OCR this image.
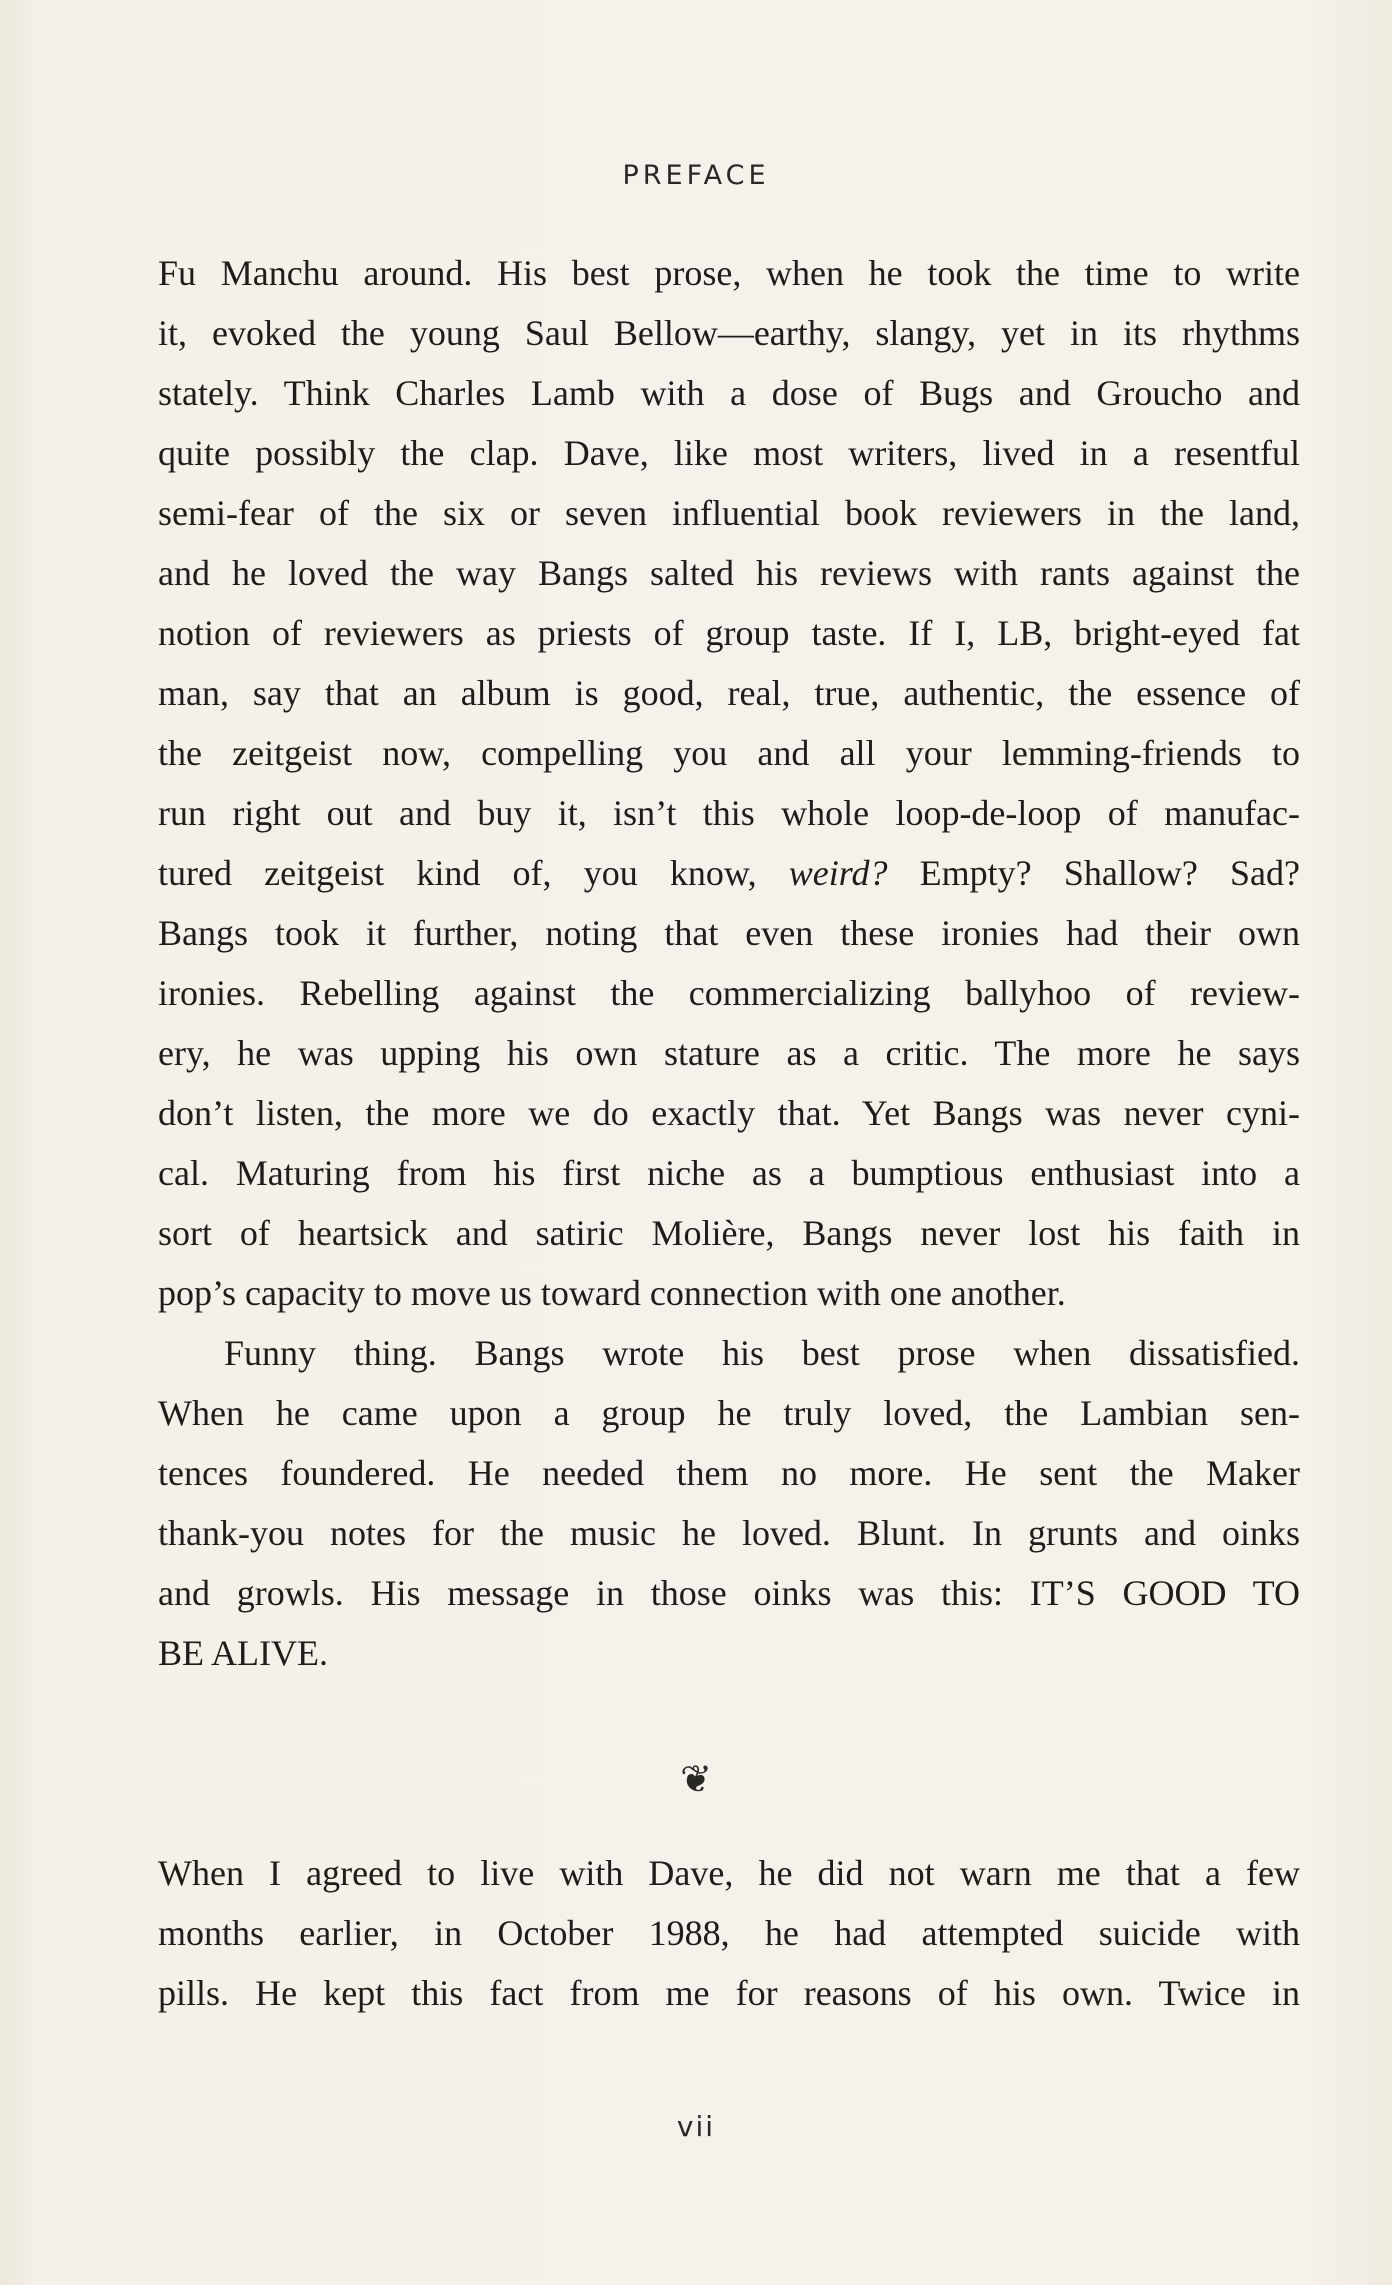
PREFACE
Fu Manchu around. His best prose, when he took the time to write
it, evoked the young Saul Bellow—earthy, slangy, yet in its rhythms
stately. Think Charles Lamb with a dose of Bugs and Groucho and
quite possibly the clap. Dave, like most writers, lived in a resentful
semi-fear of the six or seven influential book reviewers in the land,
and he loved the way Bangs salted his reviews with rants against the
notion of reviewers as priests of group taste. If I, LB, bright-eyed fat
man, say that an album is good, real, true, authentic, the essence of
the zeitgeist now, compelling you and all your lemming-friends to
run right out and buy it, isn’t this whole loop-de-loop of manufac-
tured zeitgeist kind of, you know, weird? Empty? Shallow? Sad?
Bangs took it further, noting that even these ironies had their own
ironies. Rebelling against the commercializing ballyhoo of review-
ery, he was upping his own stature as a critic. The more he says
don’t listen, the more we do exactly that. Yet Bangs was never cyni-
cal. Maturing from his first niche as a bumptious enthusiast into a
sort of heartsick and satiric Molière, Bangs never lost his faith in
pop’s capacity to move us toward connection with one another.
Funny thing. Bangs wrote his best prose when dissatisfied.
When he came upon a group he truly loved, the Lambian sen-
tences foundered. He needed them no more. He sent the Maker
thank-you notes for the music he loved. Blunt. In grunts and oinks
and growls. His message in those oinks was this: IT’S GOOD TO
BE ALIVE.
❦
When I agreed to live with Dave, he did not warn me that a few
months earlier, in October 1988, he had attempted suicide with
pills. He kept this fact from me for reasons of his own. Twice in
vii
